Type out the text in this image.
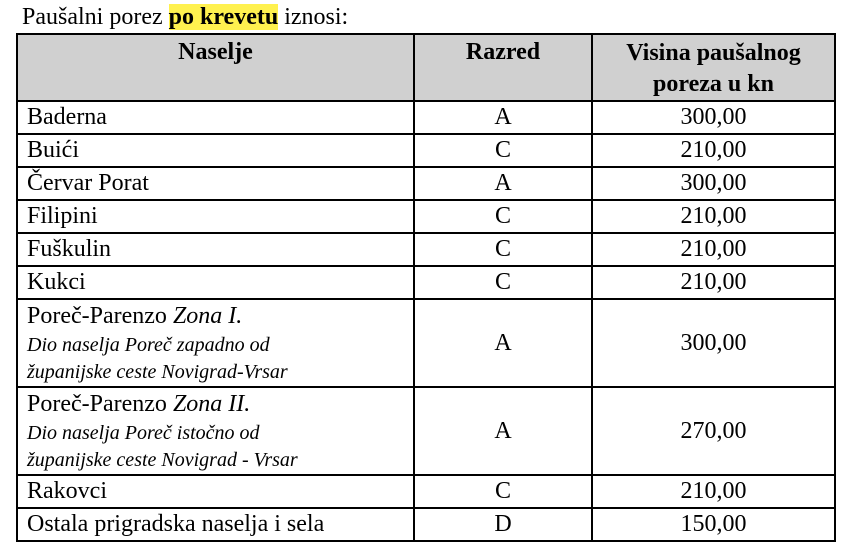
Paušalni porez po krevetu iznosi:
Naselje	Razred	Visina paušalnog
poreza u kn
Baderna	A	300,00
Buići	C	210,00
Červar Porat	A	300,00
Filipini	C	210,00
Fuškulin	C	210,00
Kukci	C	210,00

Poreč-Parenzo Zona I.
Dio naselja Poreč zapadno od
županijske ceste Novigrad-Vrsar	A	300,00

Poreč-Parenzo Zona II.
Dio naselja Poreč istočno od
županijske ceste Novigrad - Vrsar	A	270,00
Rakovci	C	210,00
Ostala prigradska naselja i sela	D	150,00
